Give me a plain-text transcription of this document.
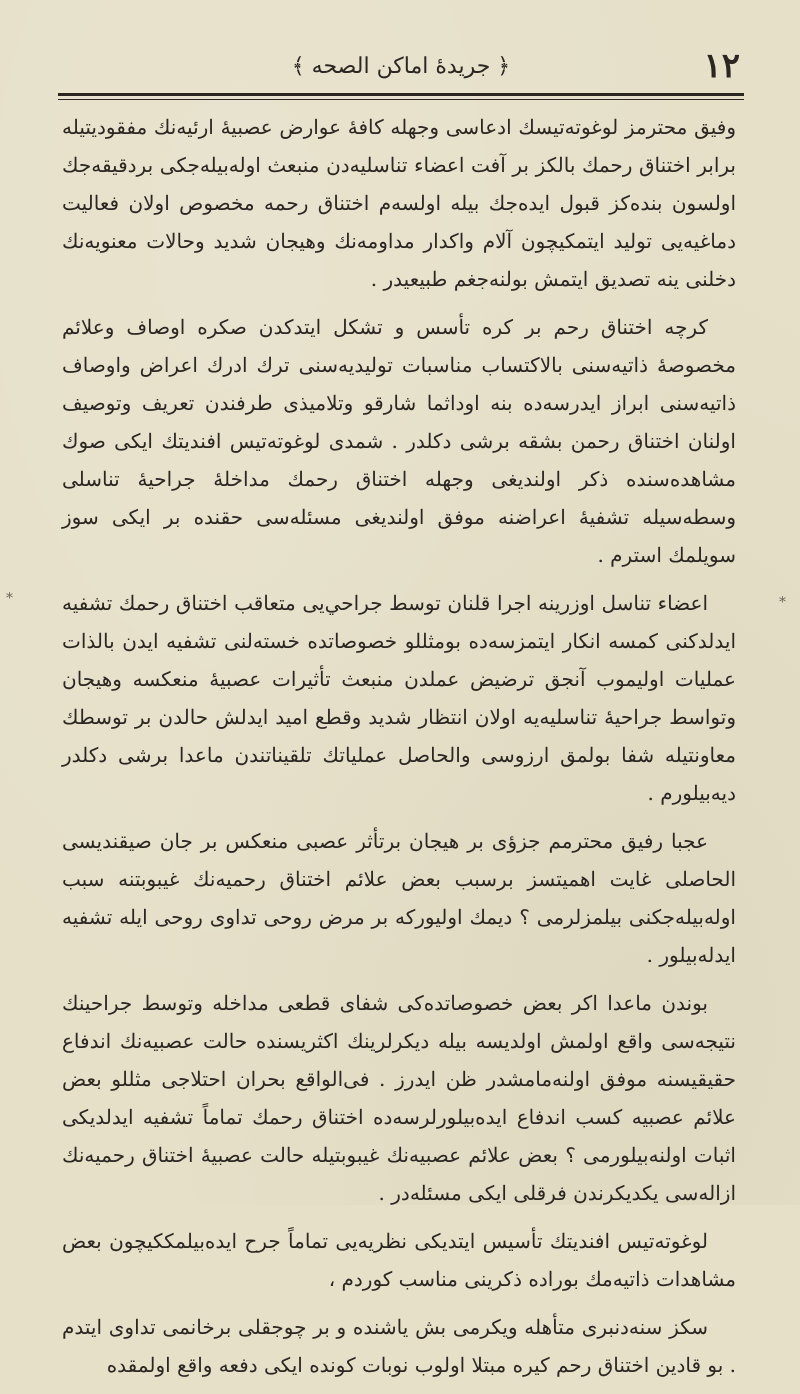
۱۲
﴿ جريدهٔ اماكن الصحه ﴾

وفيق محترمز لوغوته‌تيسك ادعاسى وجهله كافهٔ عوارض عصبيهٔ ارئيه‌نك مفقوديتيله برابر اختناق رحمك بالكز بر آفت اعضاء تناسليه‌دن منبعث اوله‌بيله‌جكى بردقيقه‌جك اولسون بنده‌كز قبول ايده‌جك بيله اولسه‌م اختناق رحمه مخصوص اولان فعاليت دماغيه‌يى توليد ايتمكيچون آلام واكدار مداومه‌نك وهيجان شديد وحالات معنويه‌نك دخلنى ينه تصديق ايتمش بولنه‌جغم طبيعيدر .

كرچه اختناق رحم بر كره تأسس و تشكل ايتدكدن صكره اوصاف وعلائم مخصوصهٔ ذاتيه‌سنى بالاكتساب مناسبات توليديه‌سنى ترك ادرك اعراض واوصاف ذاتيه‌سنى ابراز ايدرسه‌ده بنه اوداثما شارقو وتلاميذى طرفندن تعريف وتوصيف اولنان اختناق رحمن بشقه برشى دكلدر . شمدى لوغوته‌تيس افنديتك ايكى صوك مشاهده‌سنده ذكر اولنديغى وجهله اختناق رحمك مداخلهٔ جراحيهٔ تناسلى وسطه‌سيله تشفيهٔ اعراضنه موفق اولنديغى مسئله‌سى حقنده بر ايكى سوز سويلمك استرم .

اعضاء تناسل اوزرينه اجرا قلنان توسط جراحي‌يى متعاقب اختناق رحمك تشفيه ايدلدكنى كمسه انكار ايتمزسه‌ده بومثللو خصوصاتده خسته‌لنى تشفيه ايدن بالذات عمليات اوليموب آنجق ترضيض عملدن منبعث تأثيرات عصبيهٔ منعكسه وهيجان وتواسط جراحيهٔ تناسليه‌يه اولان انتظار شديد وقطع اميد ايدلش حالدن بر توسطك معاونتيله شفا بولمق ارزوسى والحاصل عملياتك تلقيناتندن ماعدا برشى دكلدر ديه‌بيلورم .

عجبا رفيق محترمم جزؤى بر هيجان برتأثر عصبى منعكس بر جان صيقنديسى الحاصلى غايت اهميتسز برسبب بعض علائم اختناق رحميه‌نك غيبوبتنه سبب اوله‌بيله‌جكنى بيلمزلرمى ؟ ديمك اوليوركه بر مرض روحى تداوى روحى ايله تشفيه ايدله‌بيلور .

بوندن ماعدا اكر بعض خصوصاتده‌كى شفاى قطعى مداخله وتوسط جراحينك نتيجه‌سى واقع اولمش اولديسه بيله ديكرلرينك اكثريسنده حالت عصبيه‌نك اندفاع حقيقيسنه موفق اولنه‌مامشدر ظن ايدرز . فى‌الواقع بحران احتلاجى مثللو بعض علائم عصبيه كسب اندفاع ايده‌بيلورلرسه‌ده اختناق رحمك تماماً تشفيه ايدلديكى اثبات اولنه‌بيلورمى ؟ بعض علائم عصبيه‌نك غيبوبتيله حالت عصبيهٔ اختناق رحميه‌نك ازاله‌سى يكديكرندن فرقلى ايكى مسئله‌در .

لوغوته‌تيس افنديتك تأسيس ايتديكى نظريه‌يى تماماً جرح ايده‌بيلمككيچون بعض مشاهدات ذاتيه‌مك بوراده ذكرينى مناسب كوردم ،

سكز سنه‌دنبرى متأهله ويكرمى بش ياشنده و بر چوجقلى برخانمى تداوى ايتدم . بو قادين اختناق رحم كيره مبتلا اولوب نوبات كونده ايكى دفعه واقع اولمقده

⁎	⁎
